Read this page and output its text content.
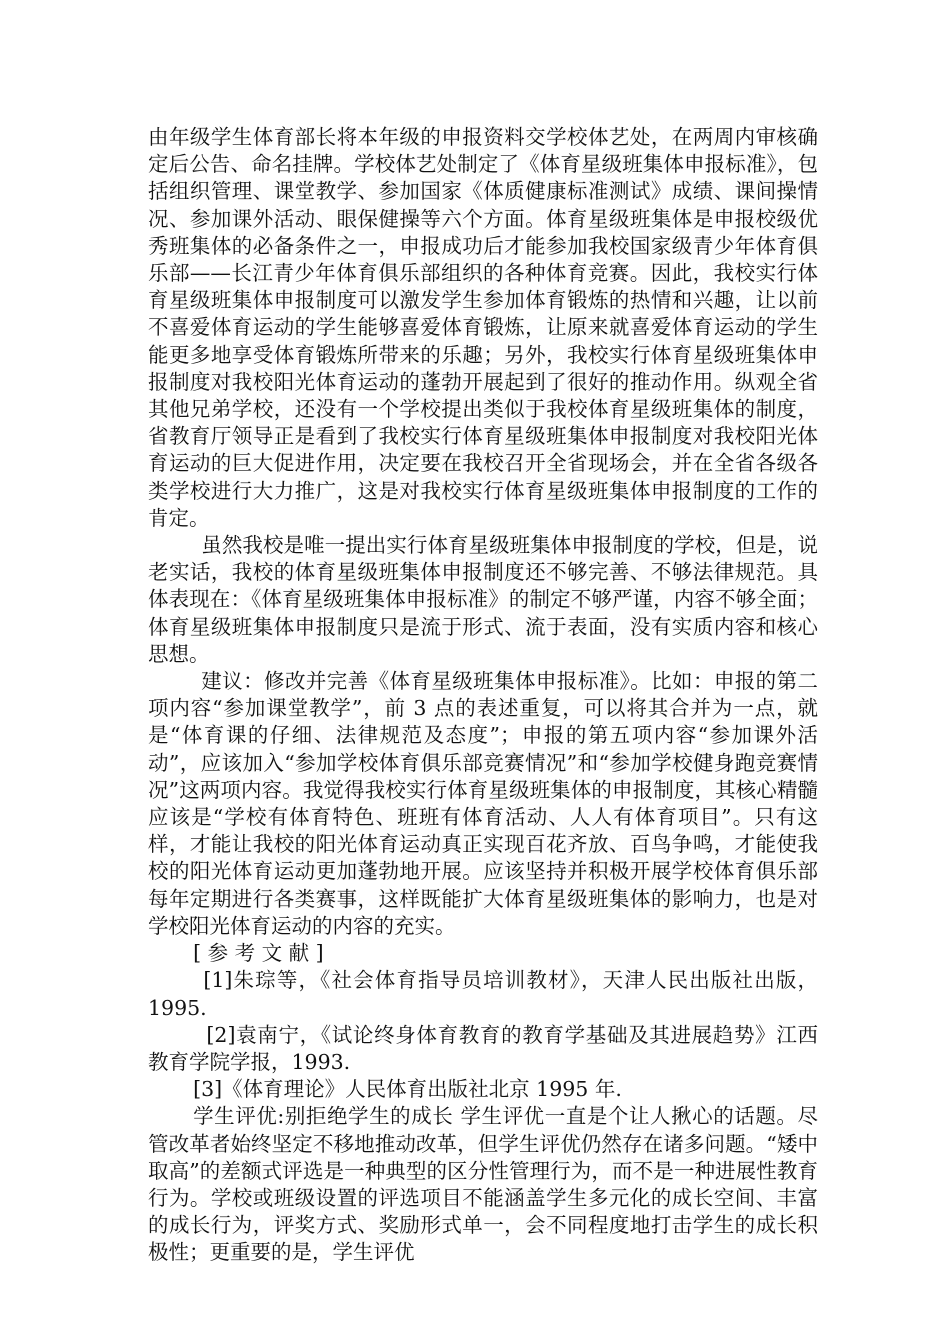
由年级学生体育部长将本年级的申报资料交学校体艺处，在两周内审核确定后公告、命名挂牌。学校体艺处制定了《体育星级班集体申报标准》，包括组织管理、课堂教学、参加国家《体质健康标准测试》成绩、课间操情况、参加课外活动、眼保健操等六个方面。体育星级班集体是申报校级优秀班集体的必备条件之一，申报成功后才能参加我校国家级青少年体育俱乐部——长江青少年体育俱乐部组织的各种体育竞赛。因此，我校实行体育星级班集体申报制度可以激发学生参加体育锻炼的热情和兴趣，让以前不喜爱体育运动的学生能够喜爱体育锻炼，让原来就喜爱体育运动的学生能更多地享受体育锻炼所带来的乐趣；另外，我校实行体育星级班集体申报制度对我校阳光体育运动的蓬勃开展起到了很好的推动作用。纵观全省其他兄弟学校，还没有一个学校提出类似于我校体育星级班集体的制度，省教育厅领导正是看到了我校实行体育星级班集体申报制度对我校阳光体育运动的巨大促进作用，决定要在我校召开全省现场会，并在全省各级各类学校进行大力推广，这是对我校实行体育星级班集体申报制度的工作的肯定。

虽然我校是唯一提出实行体育星级班集体申报制度的学校，但是，说老实话，我校的体育星级班集体申报制度还不够完善、不够法律规范。具体表现在：《体育星级班集体申报标准》的制定不够严谨，内容不够全面；体育星级班集体申报制度只是流于形式、流于表面，没有实质内容和核心思想。

建议：修改并完善《体育星级班集体申报标准》。比如：申报的第二项内容“参加课堂教学”，前 3 点的表述重复，可以将其合并为一点，就是“体育课的仔细、法律规范及态度”；申报的第五项内容“参加课外活动”，应该加入“参加学校体育俱乐部竞赛情况”和“参加学校健身跑竞赛情况”这两项内容。我觉得我校实行体育星级班集体的申报制度，其核心精髓应该是“学校有体育特色、班班有体育活动、人人有体育项目”。只有这样，才能让我校的阳光体育运动真正实现百花齐放、百鸟争鸣，才能使我校的阳光体育运动更加蓬勃地开展。应该坚持并积极开展学校体育俱乐部每年定期进行各类赛事，这样既能扩大体育星级班集体的影响力，也是对学校阳光体育运动的内容的充实。

[ 参 考 文 献 ]

[1]朱琮等，《社会体育指导员培训教材》，天津人民出版社出版，1995.

[2]袁南宁，《试论终身体育教育的教育学基础及其进展趋势》江西教育学院学报，1993.

[3]《体育理论》人民体育出版社北京 1995 年.

学生评优:别拒绝学生的成长 学生评优一直是个让人揪心的话题。尽管改革者始终坚定不移地推动改革，但学生评优仍然存在诸多问题。“矮中取高”的差额式评选是一种典型的区分性管理行为，而不是一种进展性教育行为。学校或班级设置的评选项目不能涵盖学生多元化的成长空间、丰富的成长行为，评奖方式、奖励形式单一，会不同程度地打击学生的成长积极性；更重要的是，学生评优
